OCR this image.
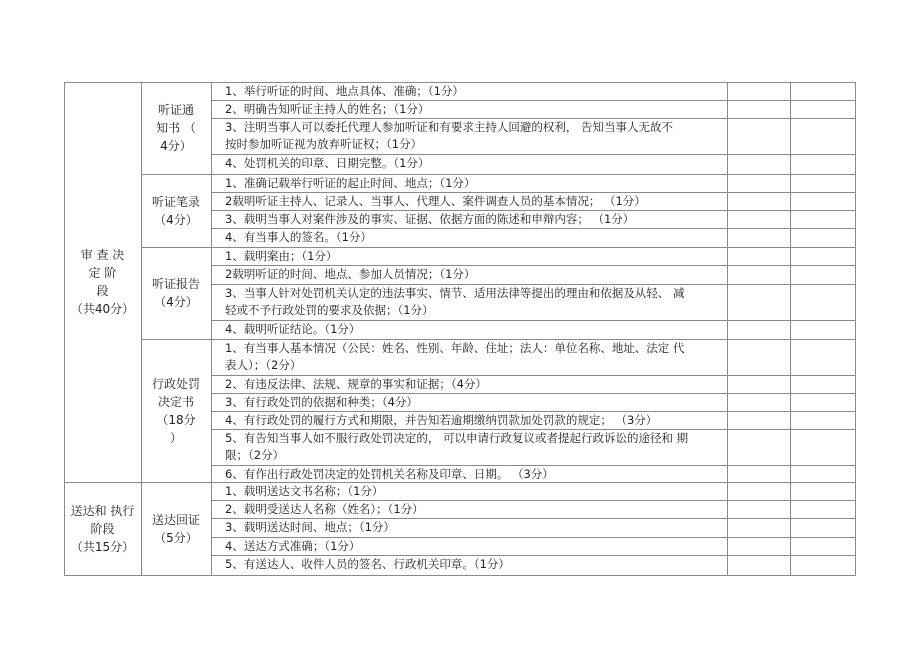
审 查 决
定 阶
段
（共40分）
听证通
知书 （
4分）
1、举行听证的时间、地点具体、准确；（1分）
2、明确告知听证主持人的姓名；（1分）
3、注明当事人可以委托代理人参加听证和有要求主持人回避的权利， 告知当事人无故不
按时参加听证视为放弃听证权；（1分）
4、处罚机关的印章、日期完整。（1分）
听证笔录
（4分）
1、准确记载举行听证的起止时间、地点；（1分）
2载明听证主持人、记录人、当事人、代理人、案件调查人员的基本情况； （1分）
3、载明当事人对案件涉及的事实、证据、依据方面的陈述和申辩内容； （1分）
4、有当事人的签名。（1分）
听证报告
（4分）
1、载明案由；（1分）
2载明听证的时间、地点、参加人员情况；（1分）
3、当事人针对处罚机关认定的违法事实、情节、适用法律等提出的理由和依据及从轻、 减
轻或不予行政处罚的要求及依据；（1分）
4、载明听证结论。（1分）
行政处罚
决定书
（18分
）
1、有当事人基本情况（公民：姓名、性别、年龄、住址；法人：单位名称、地址、法定 代
表人）；（2分）
2、有违反法律、法规、规章的事实和证据；（4分）
3、有行政处罚的依据和种类；（4分）
4、有行政处罚的履行方式和期限，并告知若逾期缴纳罚款加处罚款的规定； （3分）
5、有告知当事人如不服行政处罚决定的， 可以申请行政复议或者提起行政诉讼的途径和 期
限；（2分）
6、有作出行政处罚决定的处罚机关名称及印章、日期。 （3分）
送达和 执行
阶段
（共15分）
送达回证
（5分）
1、载明送达文书名称；（1分）
2、载明受送达人名称（姓名）；（1分）
3、载明送达时间、地点；（1分）
4、送达方式准确；（1分）
5、有送达人、收件人员的签名、行政机关印章。（1分）
